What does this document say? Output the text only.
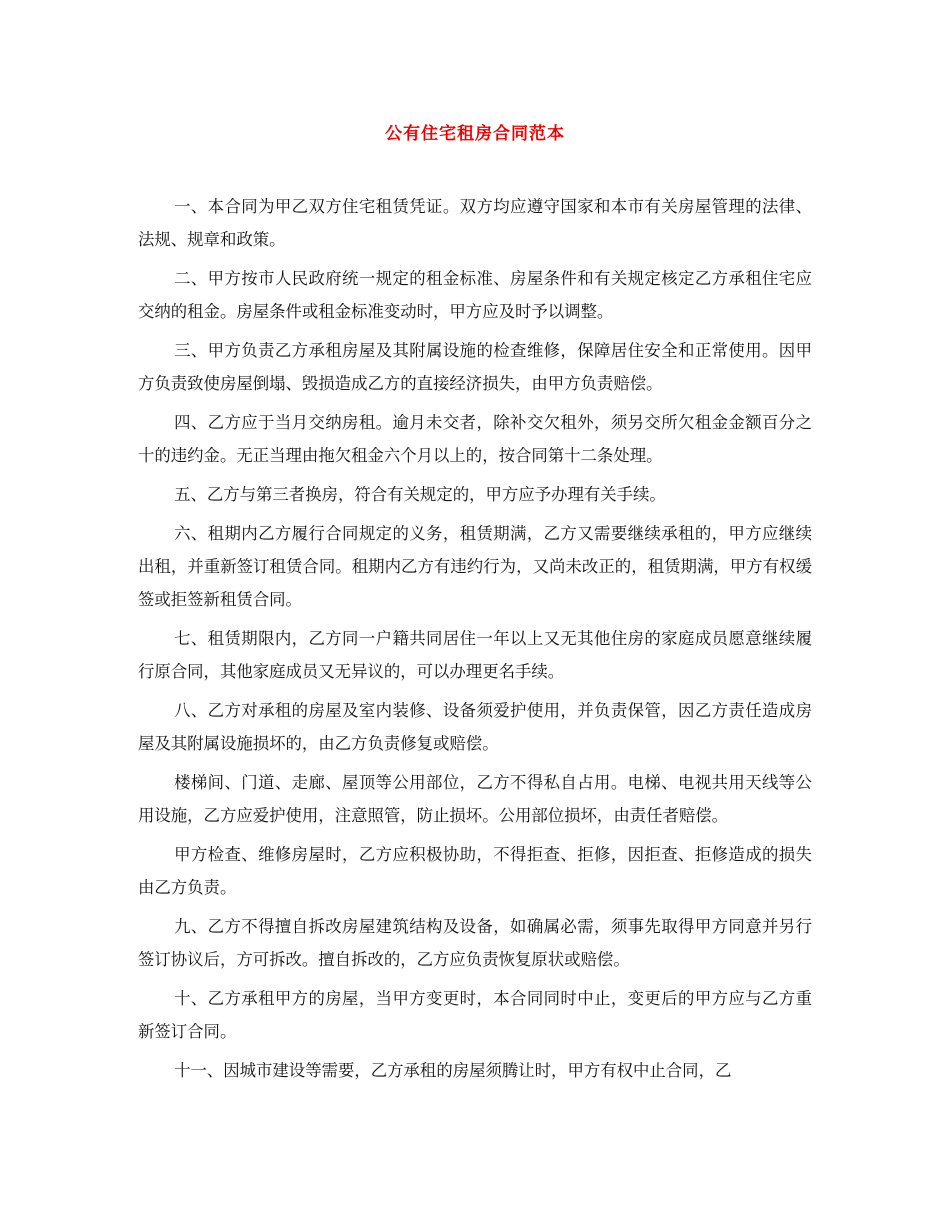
公有住宅租房合同范本

一、本合同为甲乙双方住宅租赁凭证。双方均应遵守国家和本市有关房屋管理的法律、法规、规章和政策。

二、甲方按市人民政府统一规定的租金标准、房屋条件和有关规定核定乙方承租住宅应交纳的租金。房屋条件或租金标准变动时，甲方应及时予以调整。

三、甲方负责乙方承租房屋及其附属设施的检查维修，保障居住安全和正常使用。因甲方负责致使房屋倒塌、毁损造成乙方的直接经济损失，由甲方负责赔偿。

四、乙方应于当月交纳房租。逾月未交者，除补交欠租外，须另交所欠租金金额百分之十的违约金。无正当理由拖欠租金六个月以上的，按合同第十二条处理。

五、乙方与第三者换房，符合有关规定的，甲方应予办理有关手续。

六、租期内乙方履行合同规定的义务，租赁期满，乙方又需要继续承租的，甲方应继续出租，并重新签订租赁合同。租期内乙方有违约行为，又尚未改正的，租赁期满，甲方有权缓签或拒签新租赁合同。

七、租赁期限内，乙方同一户籍共同居住一年以上又无其他住房的家庭成员愿意继续履行原合同，其他家庭成员又无异议的，可以办理更名手续。

八、乙方对承租的房屋及室内装修、设备须爱护使用，并负责保管，因乙方责任造成房屋及其附属设施损坏的，由乙方负责修复或赔偿。

楼梯间、门道、走廊、屋顶等公用部位，乙方不得私自占用。电梯、电视共用天线等公用设施，乙方应爱护使用，注意照管，防止损坏。公用部位损坏，由责任者赔偿。

甲方检查、维修房屋时，乙方应积极协助，不得拒查、拒修，因拒查、拒修造成的损失由乙方负责。

九、乙方不得擅自拆改房屋建筑结构及设备，如确属必需，须事先取得甲方同意并另行签订协议后，方可拆改。擅自拆改的，乙方应负责恢复原状或赔偿。

十、乙方承租甲方的房屋，当甲方变更时，本合同同时中止，变更后的甲方应与乙方重新签订合同。

十一、因城市建设等需要，乙方承租的房屋须腾让时，甲方有权中止合同，乙
